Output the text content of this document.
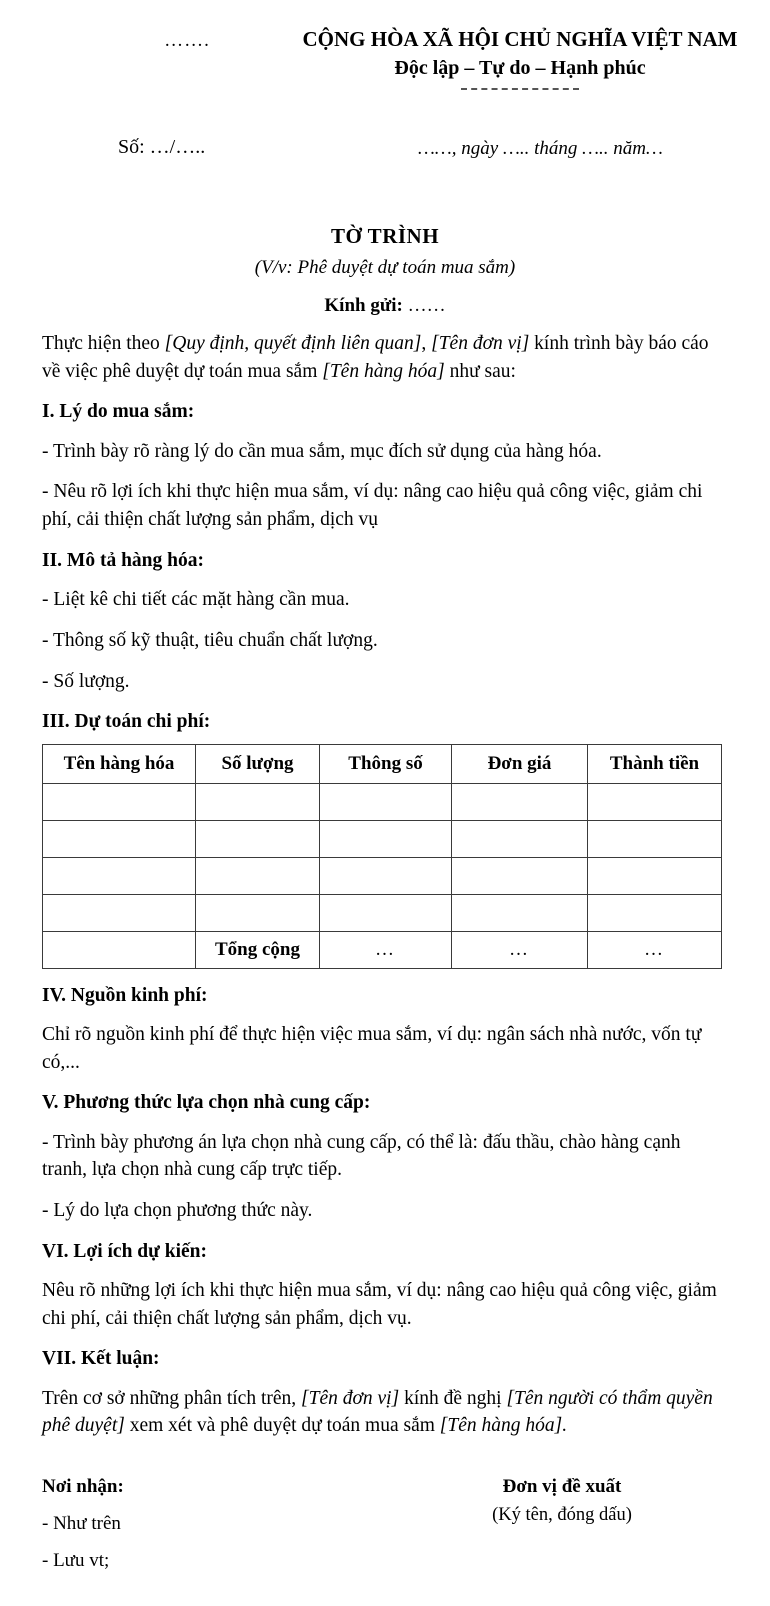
…….	CỘNG HÒA XÃ HỘI CHỦ NGHĨA VIỆT NAM
Độc lập – Tự do – Hạnh phúc
Số: …/…..	……, ngày ….. tháng ….. năm…
TỜ TRÌNH
(V/v: Phê duyệt dự toán mua sắm)
Kính gửi: ……

Thực hiện theo [Quy định, quyết định liên quan], [Tên đơn vị] kính trình bày báo cáo về việc phê duyệt dự toán mua sắm [Tên hàng hóa] như sau:

I. Lý do mua sắm:

- Trình bày rõ ràng lý do cần mua sắm, mục đích sử dụng của hàng hóa.

- Nêu rõ lợi ích khi thực hiện mua sắm, ví dụ: nâng cao hiệu quả công việc, giảm chi phí, cải thiện chất lượng sản phẩm, dịch vụ

II. Mô tả hàng hóa:

- Liệt kê chi tiết các mặt hàng cần mua.

- Thông số kỹ thuật, tiêu chuẩn chất lượng.

- Số lượng.

III. Dự toán chi phí:
Tên hàng hóa	Số lượng	Thông số	Đơn giá	Thành tiền

	Tổng cộng	…	…	…
IV. Nguồn kinh phí:

Chỉ rõ nguồn kinh phí để thực hiện việc mua sắm, ví dụ: ngân sách nhà nước, vốn tự có,...

V. Phương thức lựa chọn nhà cung cấp:

- Trình bày phương án lựa chọn nhà cung cấp, có thể là: đấu thầu, chào hàng cạnh tranh, lựa chọn nhà cung cấp trực tiếp.

- Lý do lựa chọn phương thức này.

VI. Lợi ích dự kiến:

Nêu rõ những lợi ích khi thực hiện mua sắm, ví dụ: nâng cao hiệu quả công việc, giảm chi phí, cải thiện chất lượng sản phẩm, dịch vụ.

VII. Kết luận:

Trên cơ sở những phân tích trên, [Tên đơn vị] kính đề nghị [Tên người có thẩm quyền phê duyệt] xem xét và phê duyệt dự toán mua sắm [Tên hàng hóa].

Nơi nhận:
- Như trên
- Lưu vt;
Đơn vị đề xuất
(Ký tên, đóng dấu)
